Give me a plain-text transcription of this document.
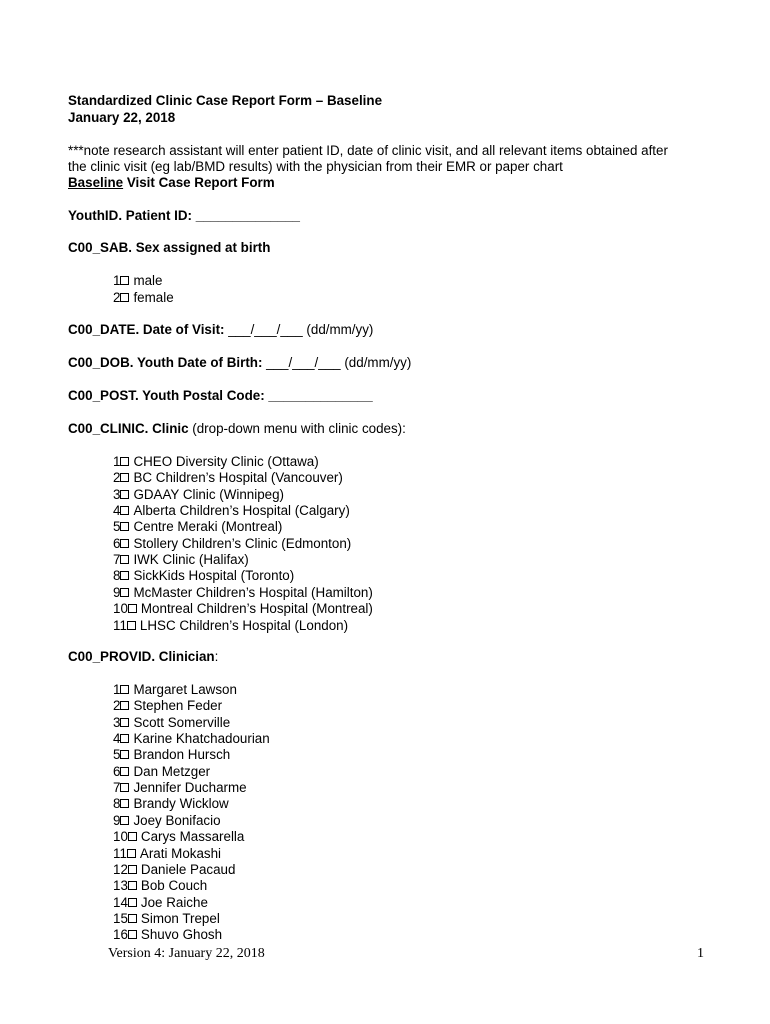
Standardized Clinic Case Report Form – Baseline
January 22, 2018
***note research assistant will enter patient ID, date of clinic visit, and all relevant items obtained after
the clinic visit (eg lab/BMD results) with the physician from their EMR or paper chart
Baseline Visit Case Report Form
YouthID. Patient ID: ______________
C00_SAB. Sex assigned at birth
1 male
2 female
C00_DATE. Date of Visit: ___/___/___ (dd/mm/yy)
C00_DOB. Youth Date of Birth: ___/___/___ (dd/mm/yy)
C00_POST. Youth Postal Code: ______________
C00_CLINIC. Clinic (drop-down menu with clinic codes):
1 CHEO Diversity Clinic (Ottawa)
2 BC Children’s Hospital (Vancouver)
3 GDAAY Clinic (Winnipeg)
4 Alberta Children’s Hospital (Calgary)
5 Centre Meraki (Montreal)
6 Stollery Children’s Clinic (Edmonton)
7 IWK Clinic (Halifax)
8 SickKids Hospital (Toronto)
9 McMaster Children’s Hospital (Hamilton)
10 Montreal Children’s Hospital (Montreal)
11 LHSC Children’s Hospital (London)
C00_PROVID. Clinician:
1 Margaret Lawson
2 Stephen Feder
3 Scott Somerville
4 Karine Khatchadourian
5 Brandon Hursch
6 Dan Metzger
7 Jennifer Ducharme
8 Brandy Wicklow
9 Joey Bonifacio
10 Carys Massarella
11 Arati Mokashi
12 Daniele Pacaud
13 Bob Couch
14 Joe Raiche
15 Simon Trepel
16 Shuvo Ghosh
Version 4: January 22, 2018	1
